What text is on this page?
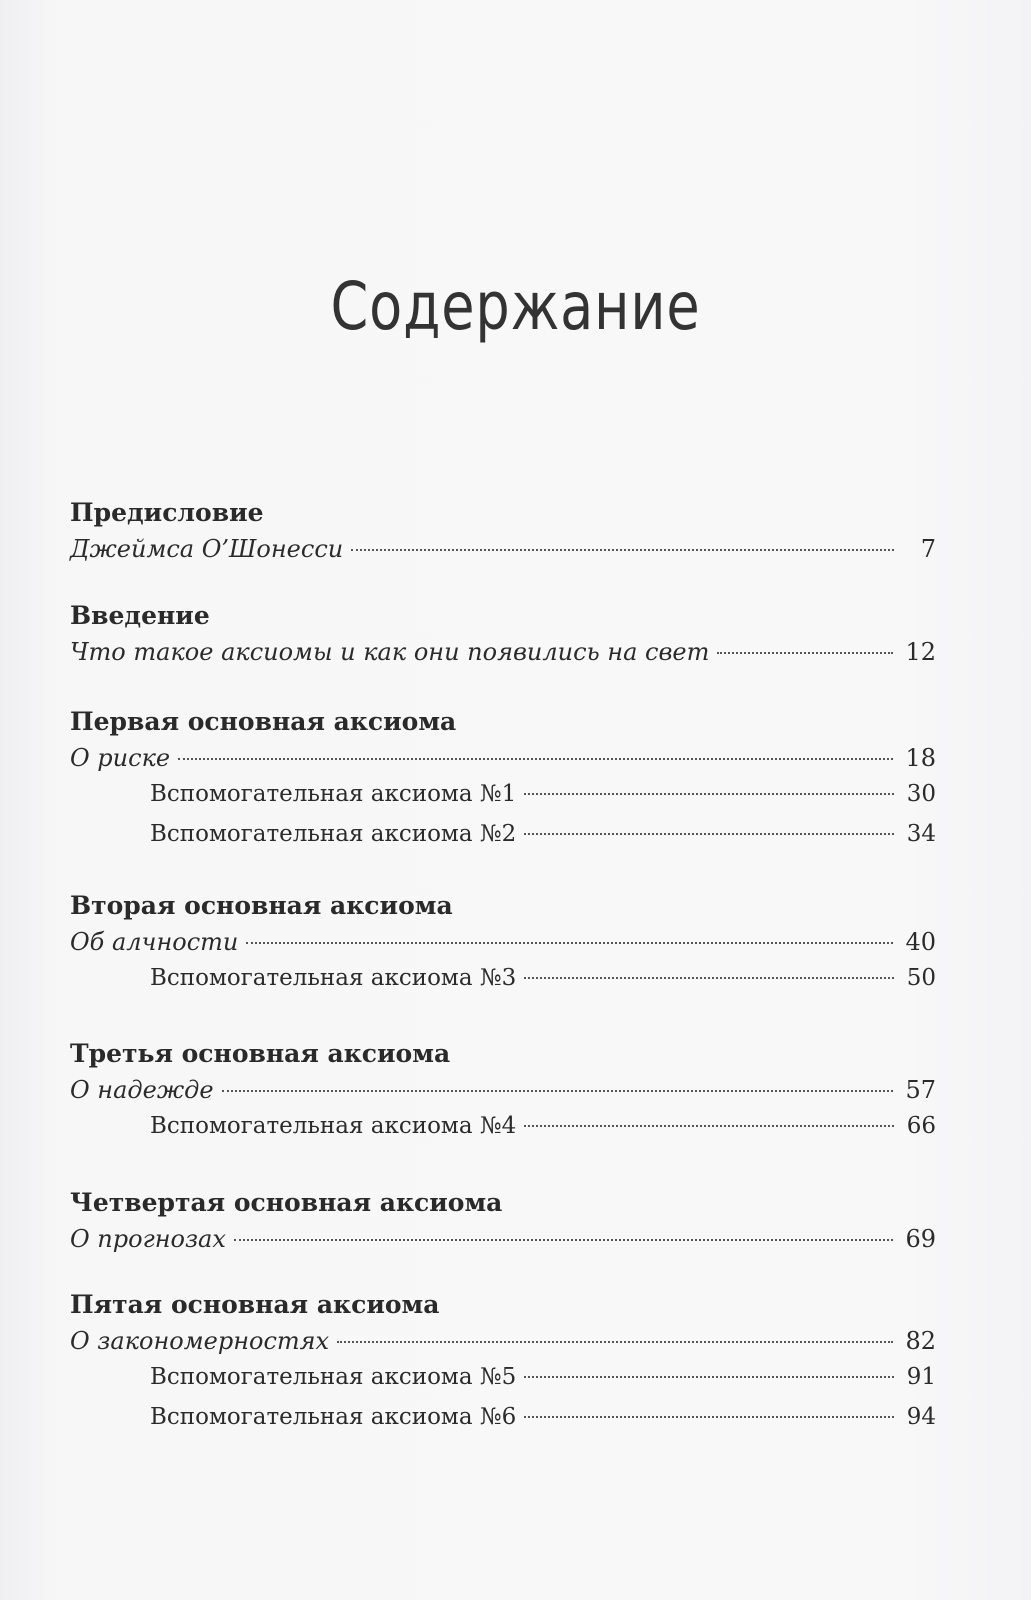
Содержание
Предисловие
Джеймса О’Шонесси	7
Введение
Что такое аксиомы и как они появились на свет	12
Первая основная аксиома
О риске	18
Вспомогательная аксиома №1	30
Вспомогательная аксиома №2	34
Вторая основная аксиома
Об алчности	40
Вспомогательная аксиома №3	50
Третья основная аксиома
О надежде	57
Вспомогательная аксиома №4	66
Четвертая основная аксиома
О прогнозах	69
Пятая основная аксиома
О закономерностях	82
Вспомогательная аксиома №5	91
Вспомогательная аксиома №6	94
